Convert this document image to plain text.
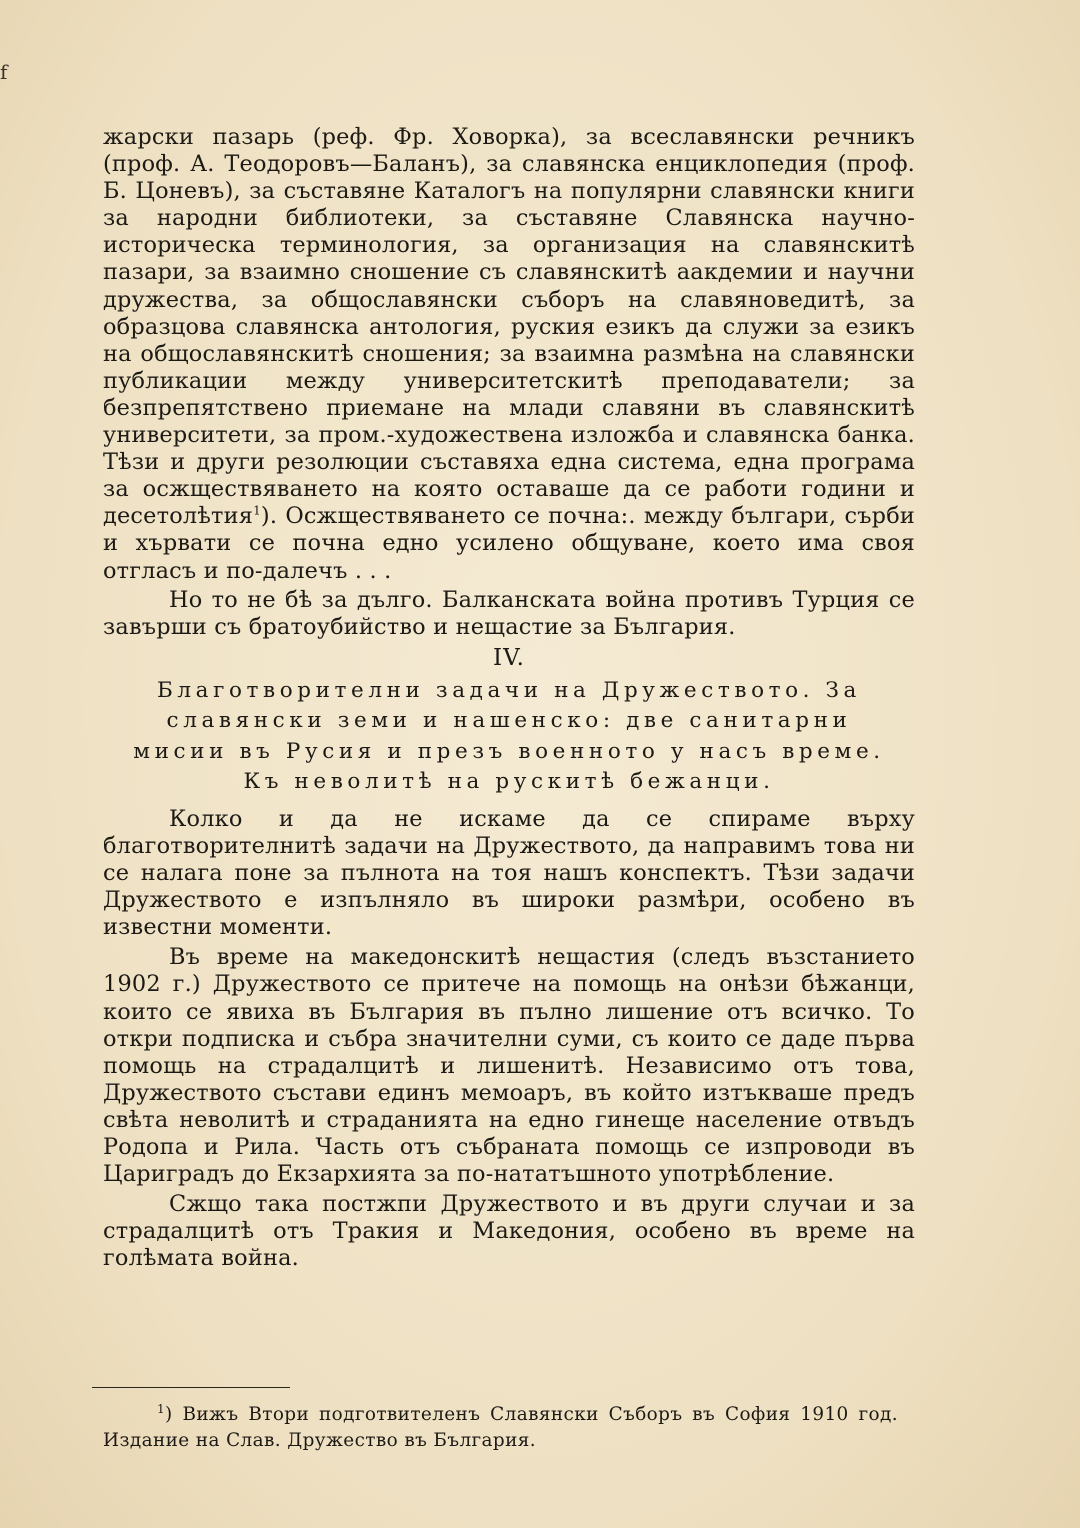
f

жарски пазарь (реф. Фр. Ховорка), за всеславянски речникъ (проф. А. Теодоровъ—Баланъ), за славянска енциклопедия (проф. Б. Цоневъ), за съставяне Каталогъ на популярни славянски книги за народни библиотеки, за съставяне Славянска научно-историческа терминология, за организация на славянскитѣ пазари, за взаимно сношение съ славянскитѣ аакдемии и научни дружества, за общославянски съборъ на славяноведитѣ, за образцова славянска антология, руския езикъ да служи за езикъ на общославянскитѣ сношения; за взаимна размѣна на славянски публикации между университетскитѣ преподаватели; за безпрепятствено приемане на млади славяни въ славянскитѣ университети, за пром.-художествена изложба и славянска банка. Тѣзи и други резолюции съставяха една система, една програма за осжществяването на която оставаше да се работи години и десетолѣтия$^1$). Осжществяването се почна:. между българи, сърби и хървати се почна едно усилено общуване, което има своя отгласъ и по-далечъ . . .

Но то не бѣ за дълго. Балканската война противъ Турция се завърши съ братоубийство и нещастие за България.

IV.
Благотворителни задачи на Дружеството. За
славянски земи и нашенско: две санитарни
мисии въ Русия и презъ военното у насъ време.
Къ неволитѣ на рускитѣ бежанци.

Колко и да не искаме да се спираме върху благотворителнитѣ задачи на Дружеството, да направимъ това ни се налага поне за пълнота на тоя нашъ конспектъ. Тѣзи задачи Дружеството е изпълняло въ широки размѣри, особено въ известни моменти.

Въ време на македонскитѣ нещастия (следъ възстанието 1902 г.) Дружеството се притече на помощь на онѣзи бѣжанци, които се явиха въ България въ пълно лишение отъ всичко. То откри подписка и събра значителни суми, съ които се даде първа помощь на страдалцитѣ и лишенитѣ. Независимо отъ това, Дружеството състави единъ мемоаръ, въ който изтъкваше предъ свѣта неволитѣ и страданията на едно гинеще население отвъдъ Родопа и Рила. Часть отъ събраната помощь се изпроводи въ Цариградъ до Екзархията за по-нататъшното употрѣбление.

Сжщо така постжпи Дружеството и въ други случаи и за страдалцитѣ отъ Тракия и Македония, особено въ време на голѣмата война.

$^1$) Вижъ Втори подготвителенъ Славянски Съборъ въ София 1910 год. Издание на Слав. Дружество въ България.
